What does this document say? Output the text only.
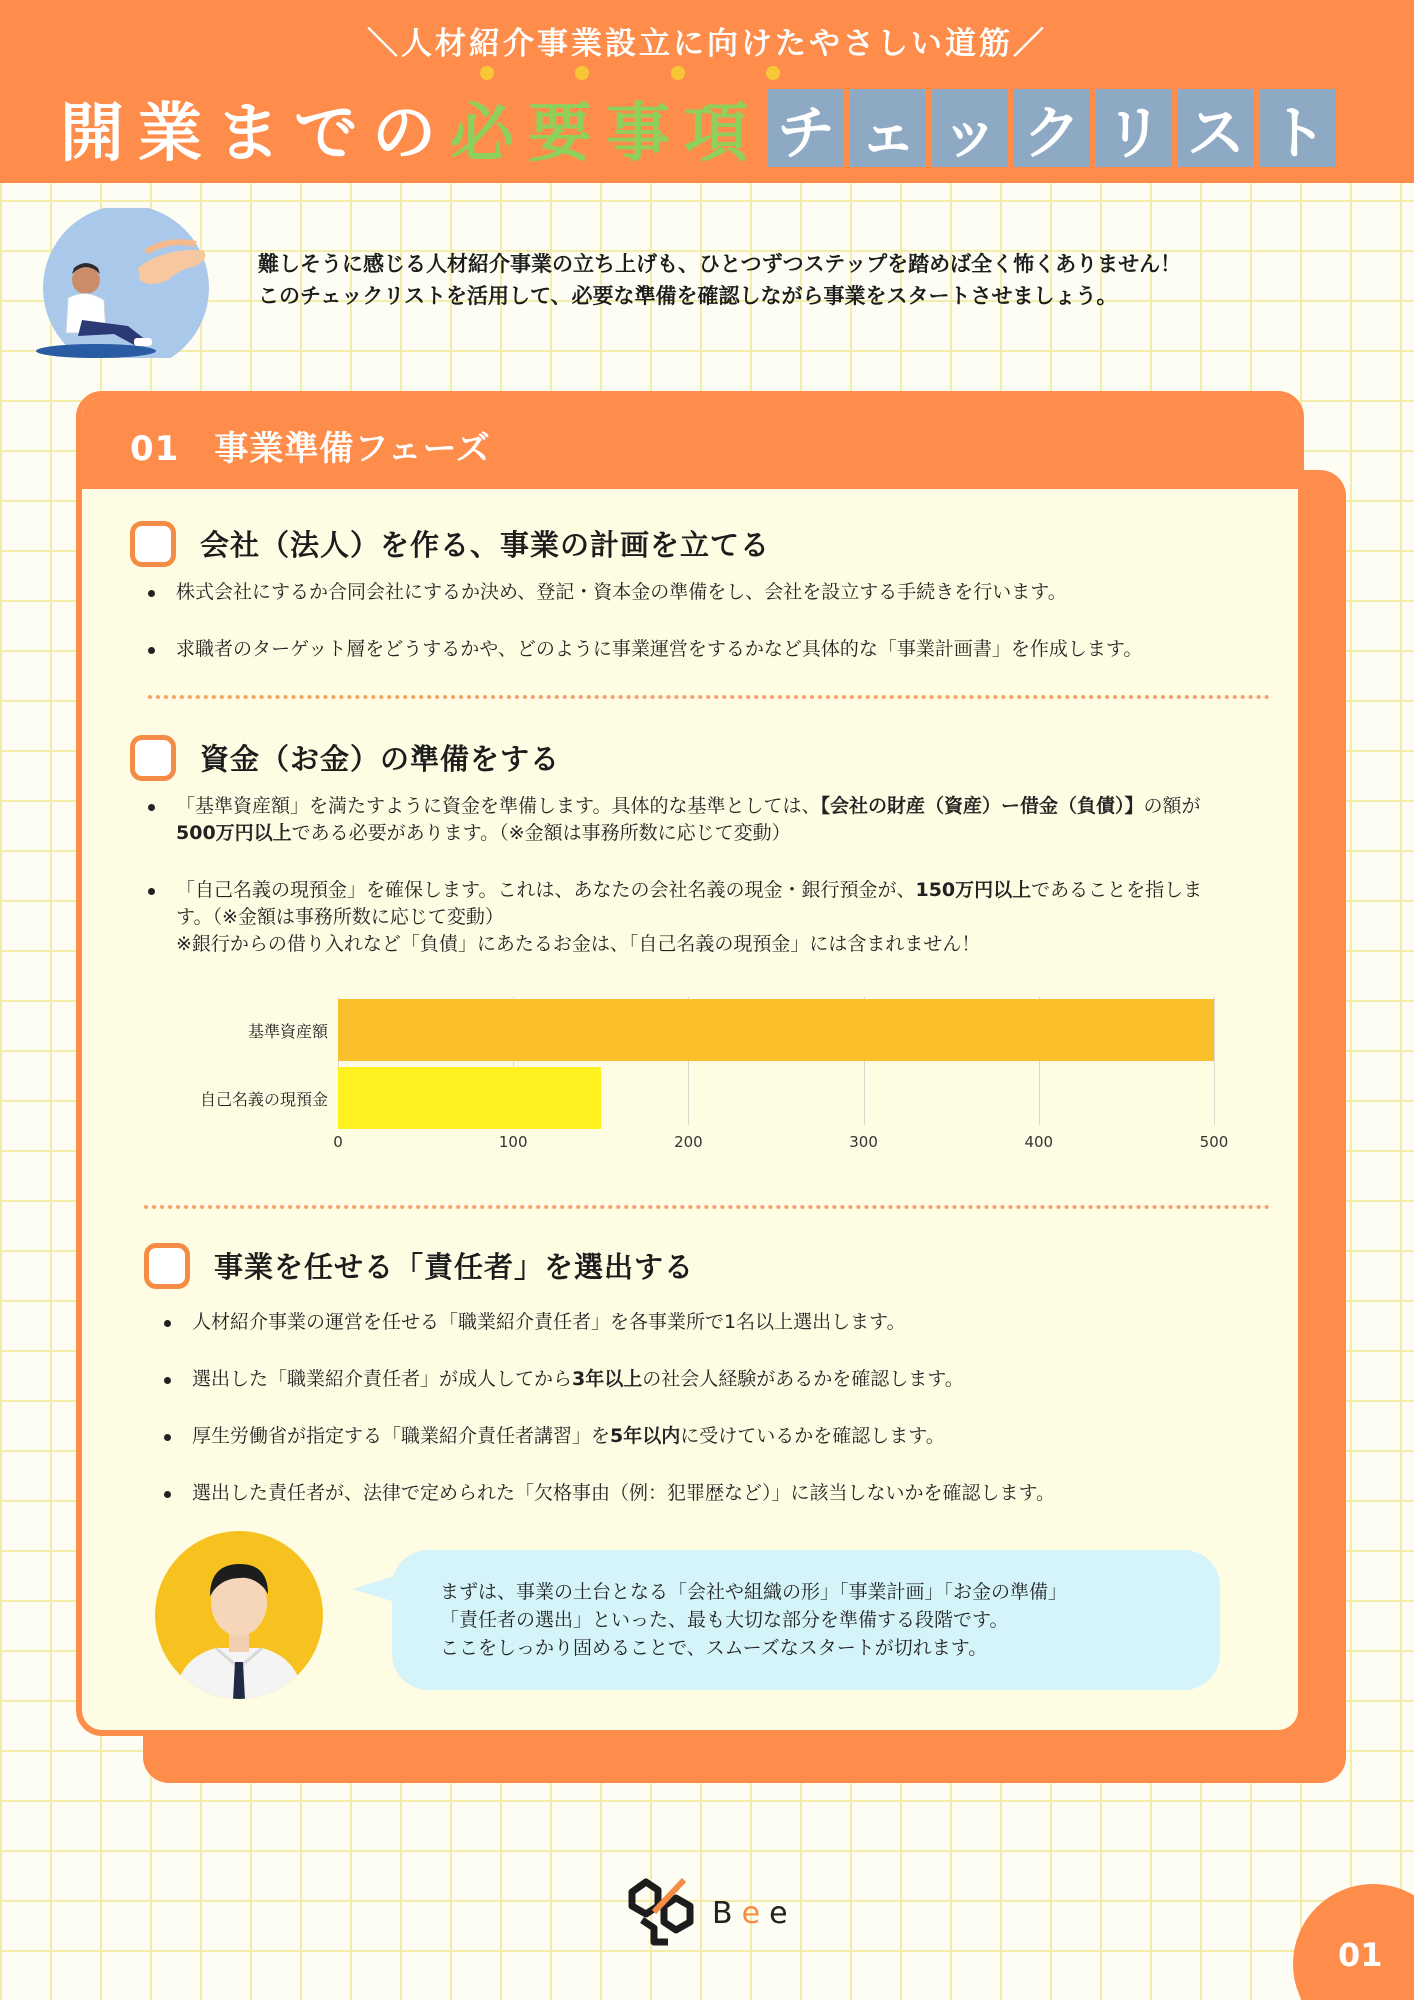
＼人材紹介事業設立に向けたやさしい道筋／
開業までの 必要事項 チ ェ ッ ク リ ス ト
難しそうに感じる人材紹介事業の立ち上げも、ひとつずつステップを踏めば全く怖くありません！
このチェックリストを活用して、必要な準備を確認しながら事業をスタートさせましょう。
01　事業準備フェーズ
会社（法人）を作る、事業の計画を立てる
株式会社にするか合同会社にするか決め、登記・資本金の準備をし、会社を設立する手続きを行います。
求職者のターゲット層をどうするかや、どのように事業運営をするかなど具体的な「事業計画書」を作成します。
資金（お金）の準備をする
「基準資産額」を満たすように資金を準備します。具体的な基準としては、【会社の財産（資産）ー借金（負債）】の額が500万円以上である必要があります。（※金額は事務所数に応じて変動）
「自己名義の現預金」を確保します。これは、あなたの会社名義の現金・銀行預金が、150万円以上であることを指します。（※金額は事務所数に応じて変動）
※銀行からの借り入れなど「負債」にあたるお金は、「自己名義の現預金」には含まれません！
0	100	200	300	400	500
基準資産額
自己名義の現預金
事業を任せる「責任者」を選出する
人材紹介事業の運営を任せる「職業紹介責任者」を各事業所で1名以上選出します。
選出した「職業紹介責任者」が成人してから3年以上の社会人経験があるかを確認します。
厚生労働省が指定する「職業紹介責任者講習」を5年以内に受けているかを確認します。
選出した責任者が、法律で定められた「欠格事由（例：犯罪歴など）」に該当しないかを確認します。
まずは、事業の土台となる「会社や組織の形」「事業計画」「お金の準備」
「責任者の選出」といった、最も大切な部分を準備する段階です。
ここをしっかり固めることで、スムーズなスタートが切れます。
B e e
01
